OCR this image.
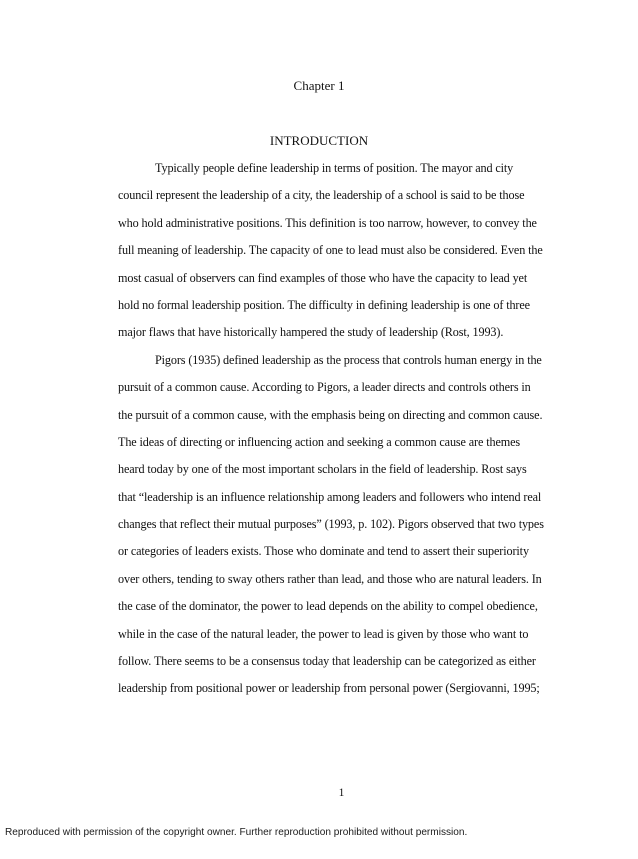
Chapter 1
INTRODUCTION
Typically people define leadership in terms of position. The mayor and city
council represent the leadership of a city, the leadership of a school is said to be those
who hold administrative positions. This definition is too narrow, however, to convey the
full meaning of leadership. The capacity of one to lead must also be considered. Even the
most casual of observers can find examples of those who have the capacity to lead yet
hold no formal leadership position. The difficulty in defining leadership is one of three
major flaws that have historically hampered the study of leadership (Rost, 1993).
Pigors (1935) defined leadership as the process that controls human energy in the
pursuit of a common cause. According to Pigors, a leader directs and controls others in
the pursuit of a common cause, with the emphasis being on directing and common cause.
The ideas of directing or influencing action and seeking a common cause are themes
heard today by one of the most important scholars in the field of leadership. Rost says
that “leadership is an influence relationship among leaders and followers who intend real
changes that reflect their mutual purposes” (1993, p. 102). Pigors observed that two types
or categories of leaders exists. Those who dominate and tend to assert their superiority
over others, tending to sway others rather than lead, and those who are natural leaders. In
the case of the dominator, the power to lead depends on the ability to compel obedience,
while in the case of the natural leader, the power to lead is given by those who want to
follow. There seems to be a consensus today that leadership can be categorized as either
leadership from positional power or leadership from personal power (Sergiovanni, 1995;
1
Reproduced with permission of the copyright owner. Further reproduction prohibited without permission.
